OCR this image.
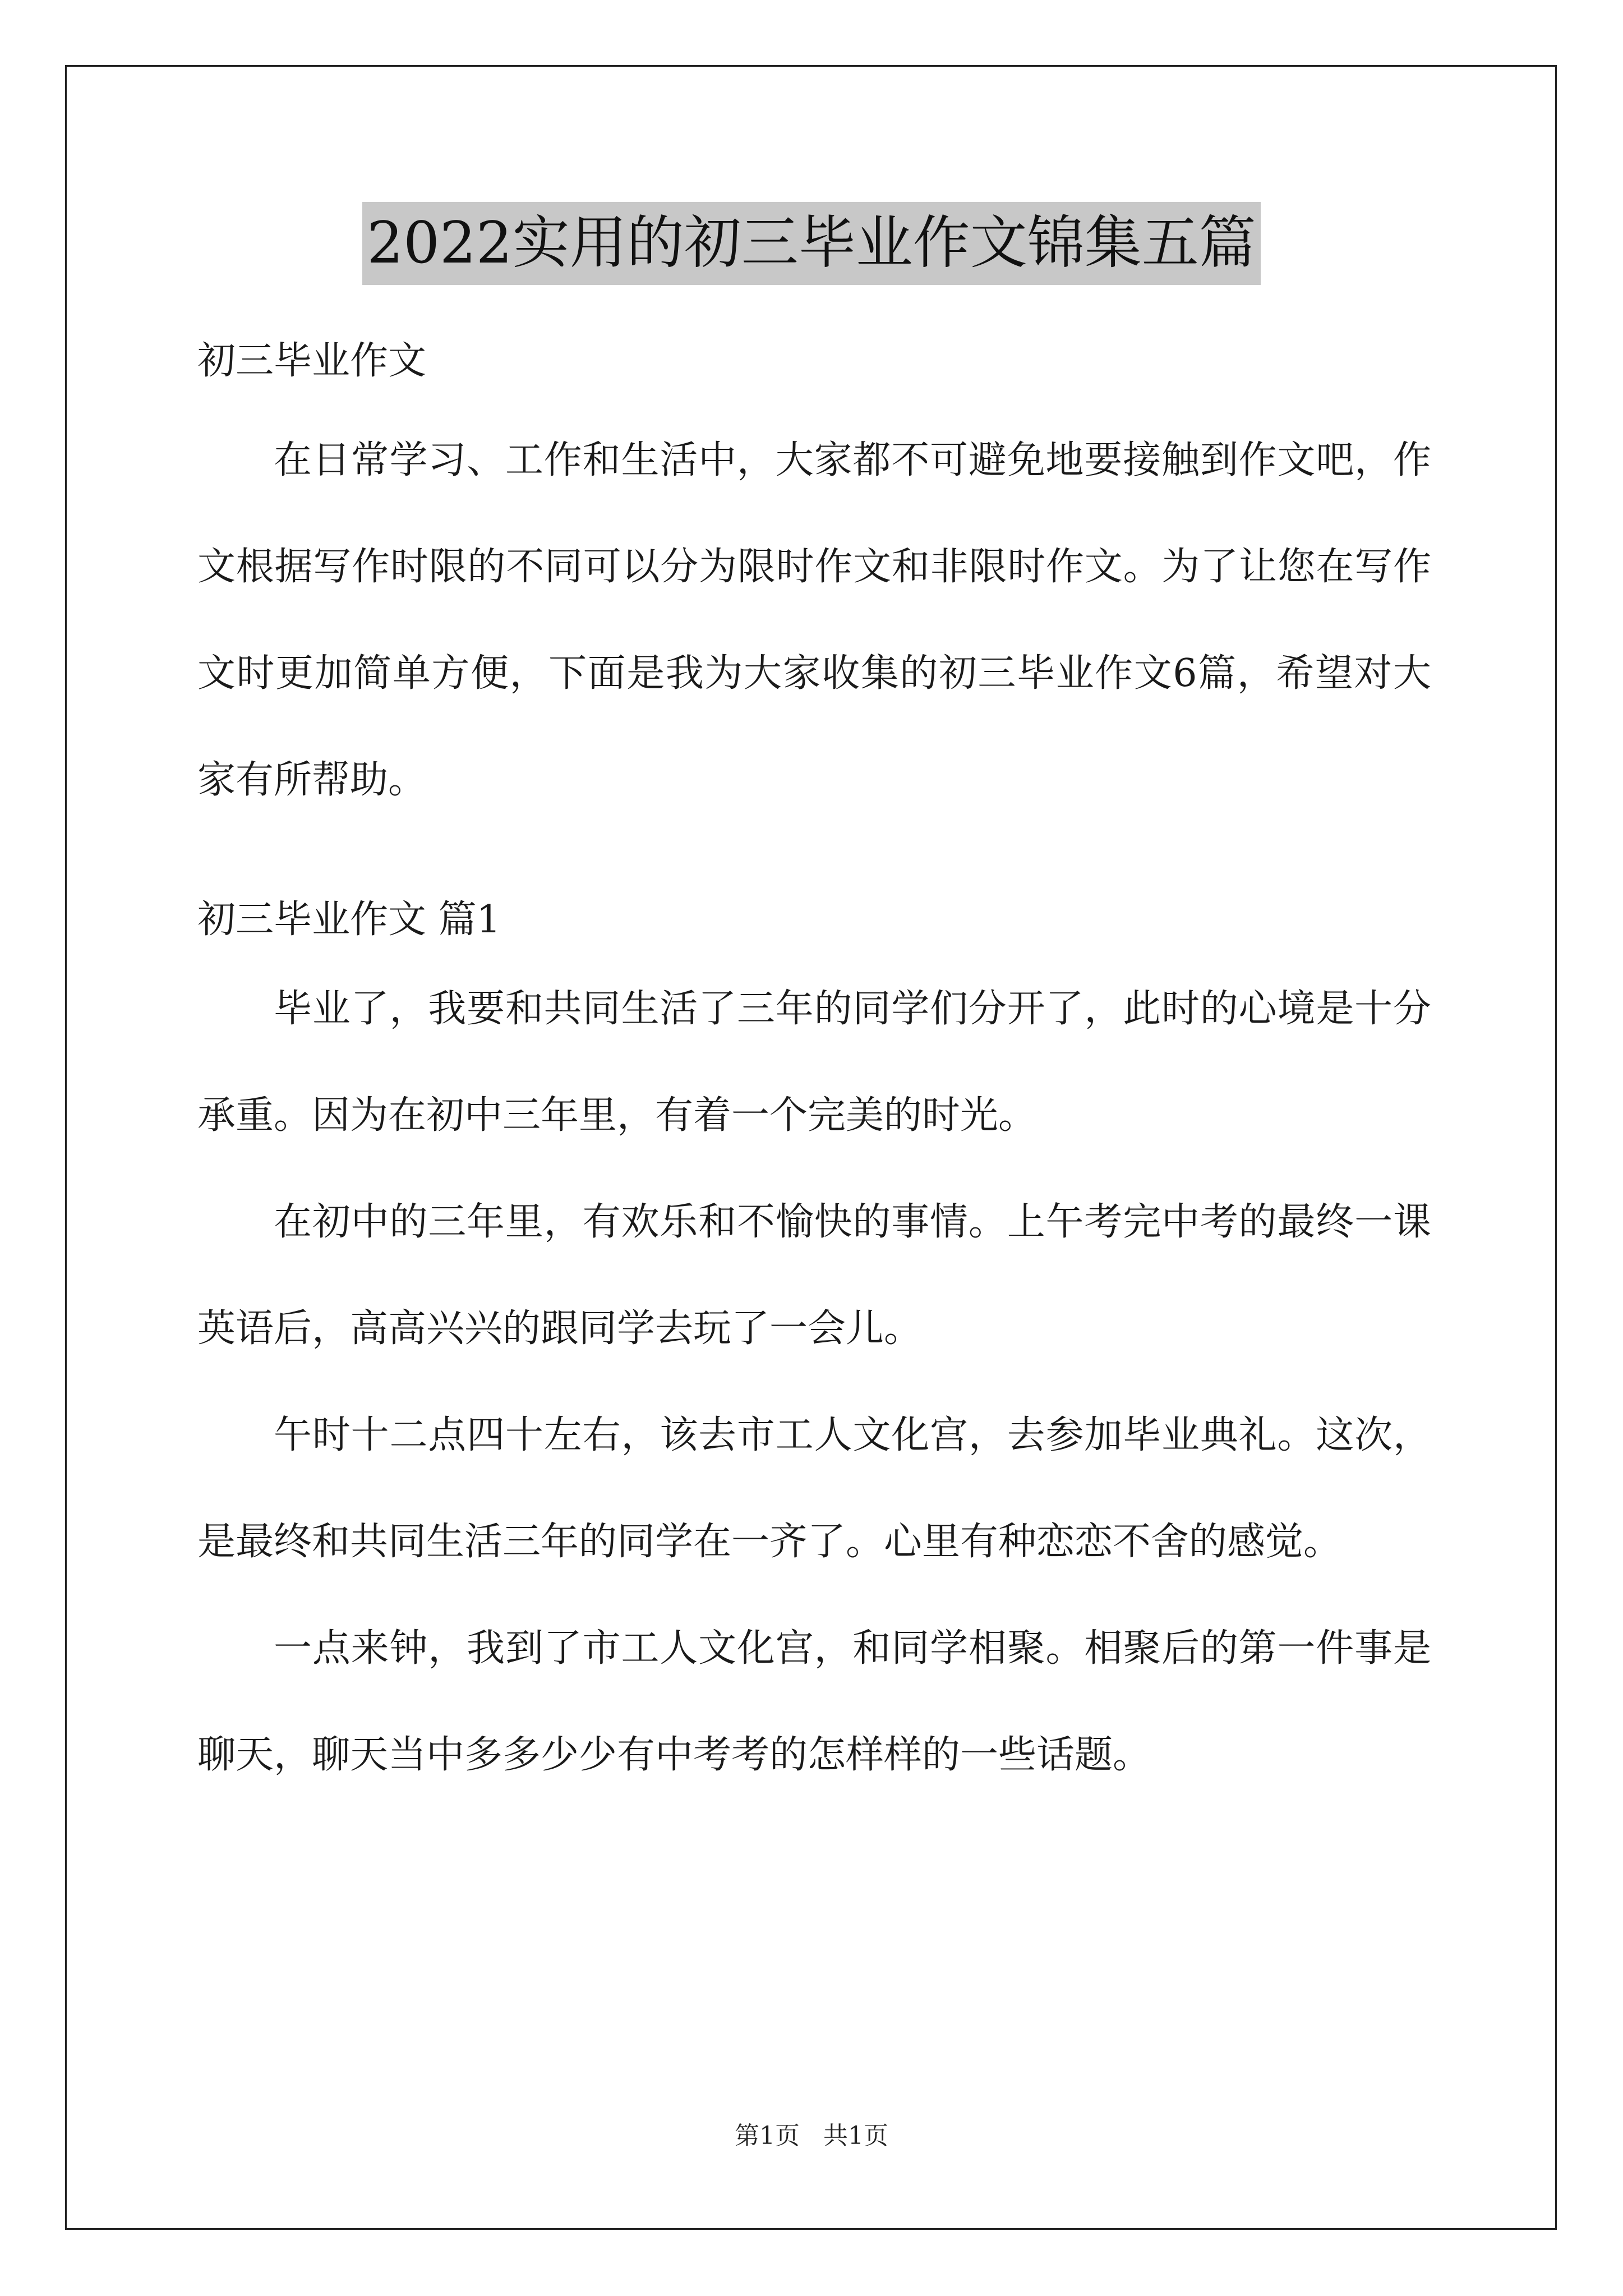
2022实用的初三毕业作文锦集五篇

初三毕业作文

在日常学习、工作和生活中，大家都不可避免地要接触到作文吧，作文根据写作时限的不同可以分为限时作文和非限时作文。为了让您在写作文时更加简单方便，下面是我为大家收集的初三毕业作文6篇，希望对大家有所帮助。

初三毕业作文 篇1

毕业了，我要和共同生活了三年的同学们分开了，此时的心境是十分承重。因为在初中三年里，有着一个完美的时光。

在初中的三年里，有欢乐和不愉快的事情。上午考完中考的最终一课英语后，高高兴兴的跟同学去玩了一会儿。

午时十二点四十左右，该去市工人文化宫，去参加毕业典礼。这次，是最终和共同生活三年的同学在一齐了。心里有种恋恋不舍的感觉。

一点来钟，我到了市工人文化宫，和同学相聚。相聚后的第一件事是聊天，聊天当中多多少少有中考考的怎样样的一些话题。

第1页 共1页
